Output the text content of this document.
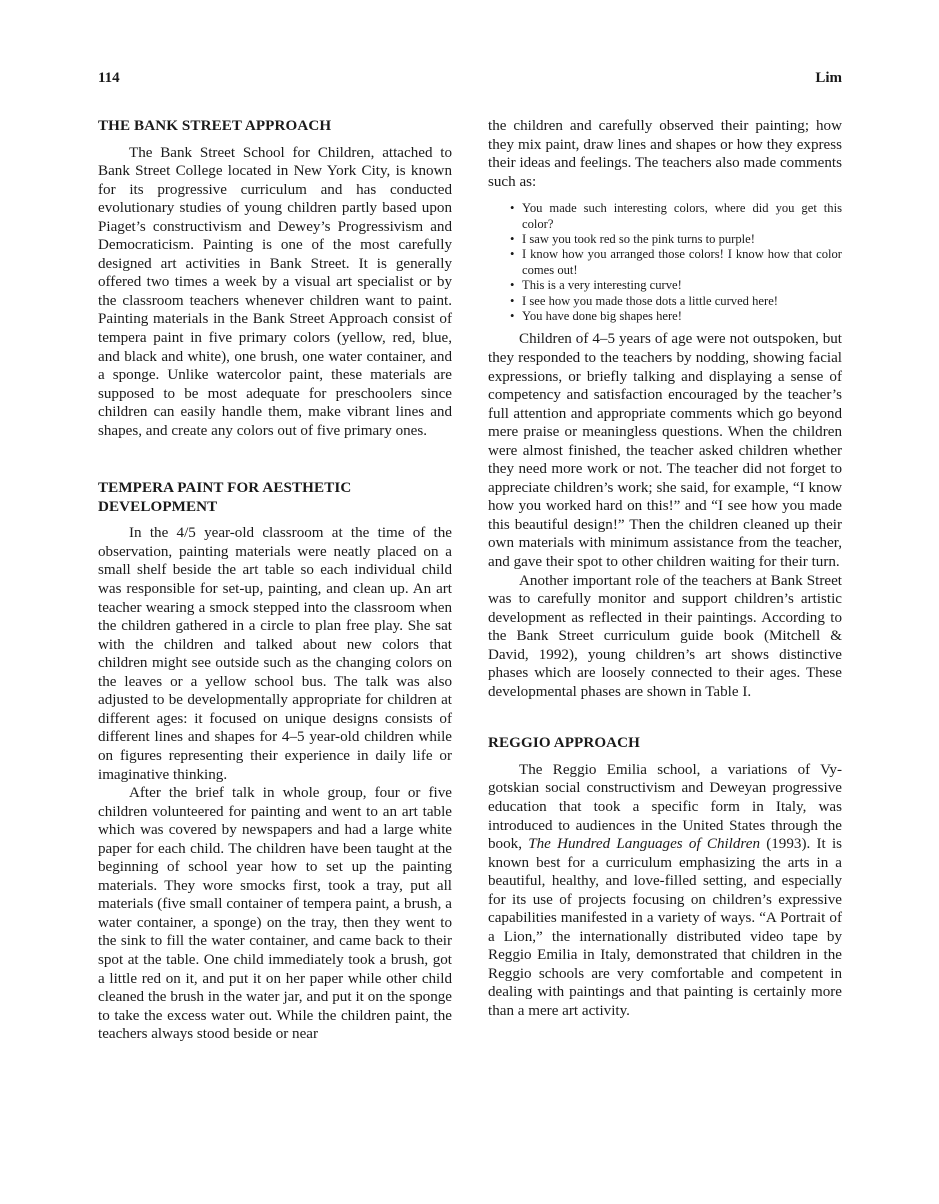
114	Lim
THE BANK STREET APPROACH

The Bank Street School for Children, attached to Bank Street College located in New York City, is known for its progressive curriculum and has conducted evolutionary studies of young children partly based upon Piaget’s constructivism and Dewey’s Progressivism and Democraticism. Painting is one of the most carefully designed art activities in Bank Street. It is generally offered two times a week by a visual art specialist or by the classroom teachers whenever children want to paint. Painting materials in the Bank Street Approach consist of tempera paint in five primary colors (yellow, red, blue, and black and white), one brush, one water container, and a sponge. Unlike watercolor paint, these materials are supposed to be most adequate for preschoolers since children can easily handle them, make vibrant lines and shapes, and create any colors out of five primary ones.

TEMPERA PAINT FOR AESTHETIC
DEVELOPMENT

In the 4/5 year-old classroom at the time of the observation, painting materials were neatly placed on a small shelf beside the art table so each individual child was responsible for set-up, painting, and clean up. An art teacher wearing a smock stepped into the classroom when the children gathered in a circle to plan free play. She sat with the children and talked about new colors that children might see outside such as the changing colors on the leaves or a yellow school bus. The talk was also adjusted to be developmentally appropriate for children at different ages: it focused on unique designs consists of different lines and shapes for 4–5 year-old children while on figures representing their experience in daily life or imaginative thinking.

After the brief talk in whole group, four or five children volunteered for painting and went to an art table which was covered by newspapers and had a large white paper for each child. The children have been taught at the beginning of school year how to set up the painting materials. They wore smocks first, took a tray, put all materials (five small container of tempera paint, a brush, a water container, a sponge) on the tray, then they went to the sink to fill the water container, and came back to their spot at the table. One child immediately took a brush, got a little red on it, and put it on her paper while other child cleaned the brush in the water jar, and put it on the sponge to take the excess water out. While the children paint, the teachers always stood beside or near

the children and carefully observed their painting; how they mix paint, draw lines and shapes or how they express their ideas and feelings. The teachers also made comments such as:

• You made such interesting colors, where did you get this color?
• I saw you took red so the pink turns to purple!
• I know how you arranged those colors! I know how that color comes out!
• This is a very interesting curve!
• I see how you made those dots a little curved here!
• You have done big shapes here!

Children of 4–5 years of age were not outspoken, but they responded to the teachers by nodding, showing facial expressions, or briefly talking and displaying a sense of competency and satisfaction encouraged by the teacher’s full attention and appropriate comments which go beyond mere praise or meaningless questions. When the children were almost finished, the teacher asked children whether they need more work or not. The teacher did not forget to appreciate children’s work; she said, for example, “I know how you worked hard on this!” and “I see how you made this beautiful design!” Then the children cleaned up their own materials with minimum assistance from the teacher, and gave their spot to other children waiting for their turn.

Another important role of the teachers at Bank Street was to carefully monitor and support children’s artistic development as reflected in their paintings. According to the Bank Street curriculum guide book (Mitchell & David, 1992), young children’s art shows distinctive phases which are loosely connected to their ages. These developmental phases are shown in Table I.

REGGIO APPROACH

The Reggio Emilia school, a variations of Vygotskian social constructivism and Deweyan progressive education that took a specific form in Italy, was introduced to audiences in the United States through the book, The Hundred Languages of Children (1993). It is known best for a curriculum emphasizing the arts in a beautiful, healthy, and love-filled setting, and especially for its use of projects focusing on children’s expressive capabilities manifested in a variety of ways. “A Portrait of a Lion,” the internationally distributed video tape by Reggio Emilia in Italy, demonstrated that children in the Reggio schools are very comfortable and competent in dealing with paintings and that painting is certainly more than a mere art activity.
